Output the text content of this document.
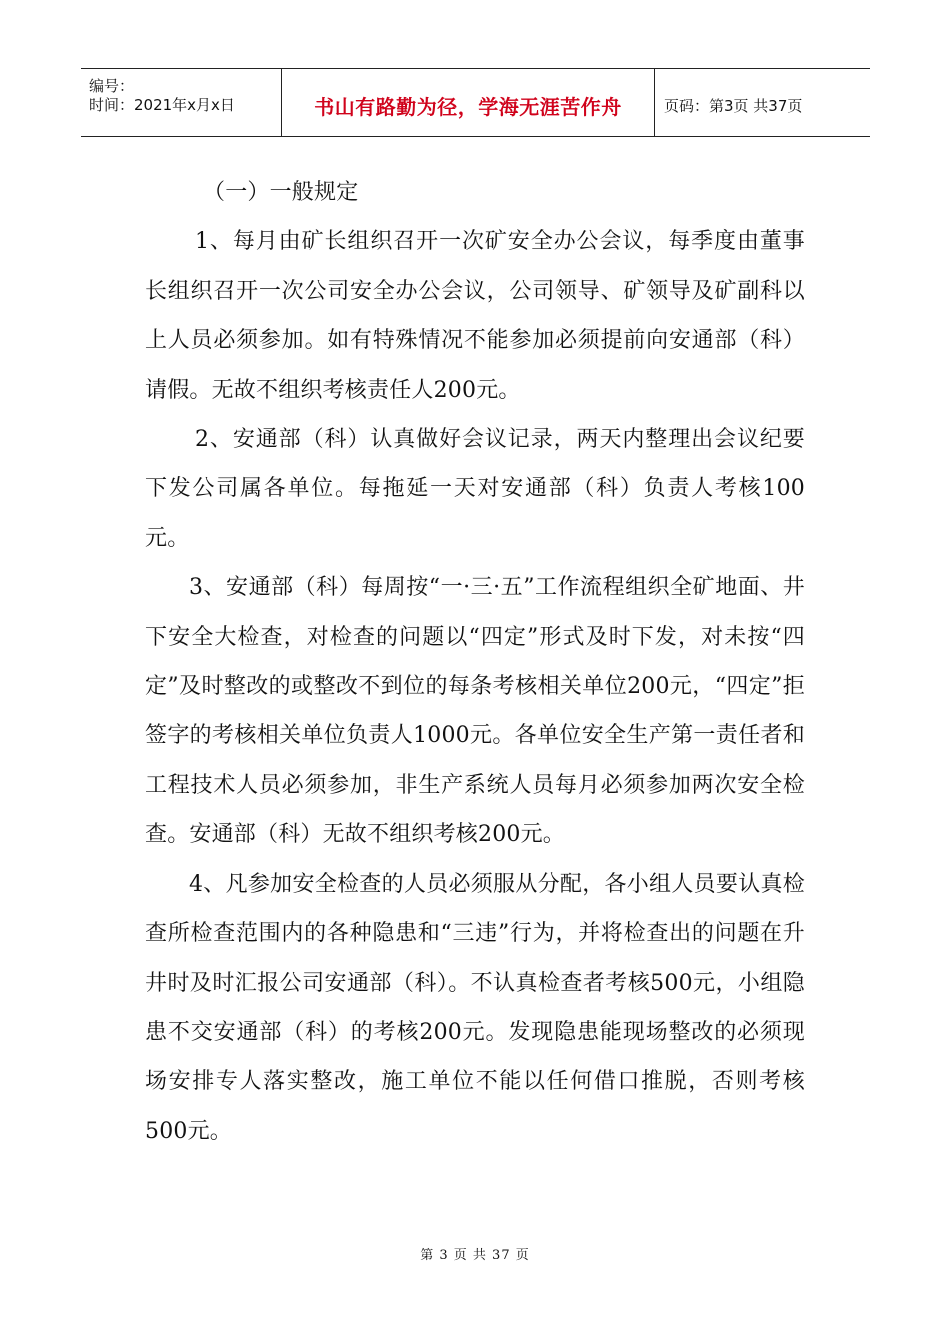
编号：
时间：2021年x月x日	书山有路勤为径，学海无涯苦作舟	页码：第3页 共37页

（一）一般规定

1、每月由矿长组织召开一次矿安全办公会议，每季度由董事长组织召开一次公司安全办公会议，公司领导、矿领导及矿副科以上人员必须参加。如有特殊情况不能参加必须提前向安通部（科）请假。无故不组织考核责任人200元。

2、安通部（科）认真做好会议记录，两天内整理出会议纪要下发公司属各单位。每拖延一天对安通部（科）负责人考核100元。

3、安通部（科）每周按“一·三·五”工作流程组织全矿地面、井下安全大检查，对检查的问题以“四定”形式及时下发，对未按“四定”及时整改的或整改不到位的每条考核相关单位200元，“四定”拒签字的考核相关单位负责人1000元。各单位安全生产第一责任者和工程技术人员必须参加，非生产系统人员每月必须参加两次安全检查。安通部（科）无故不组织考核200元。

4、凡参加安全检查的人员必须服从分配，各小组人员要认真检查所检查范围内的各种隐患和“三违”行为，并将检查出的问题在升井时及时汇报公司安通部（科）。不认真检查者考核500元，小组隐患不交安通部（科）的考核200元。发现隐患能现场整改的必须现场安排专人落实整改，施工单位不能以任何借口推脱，否则考核500元。

第 3 页 共 37 页
